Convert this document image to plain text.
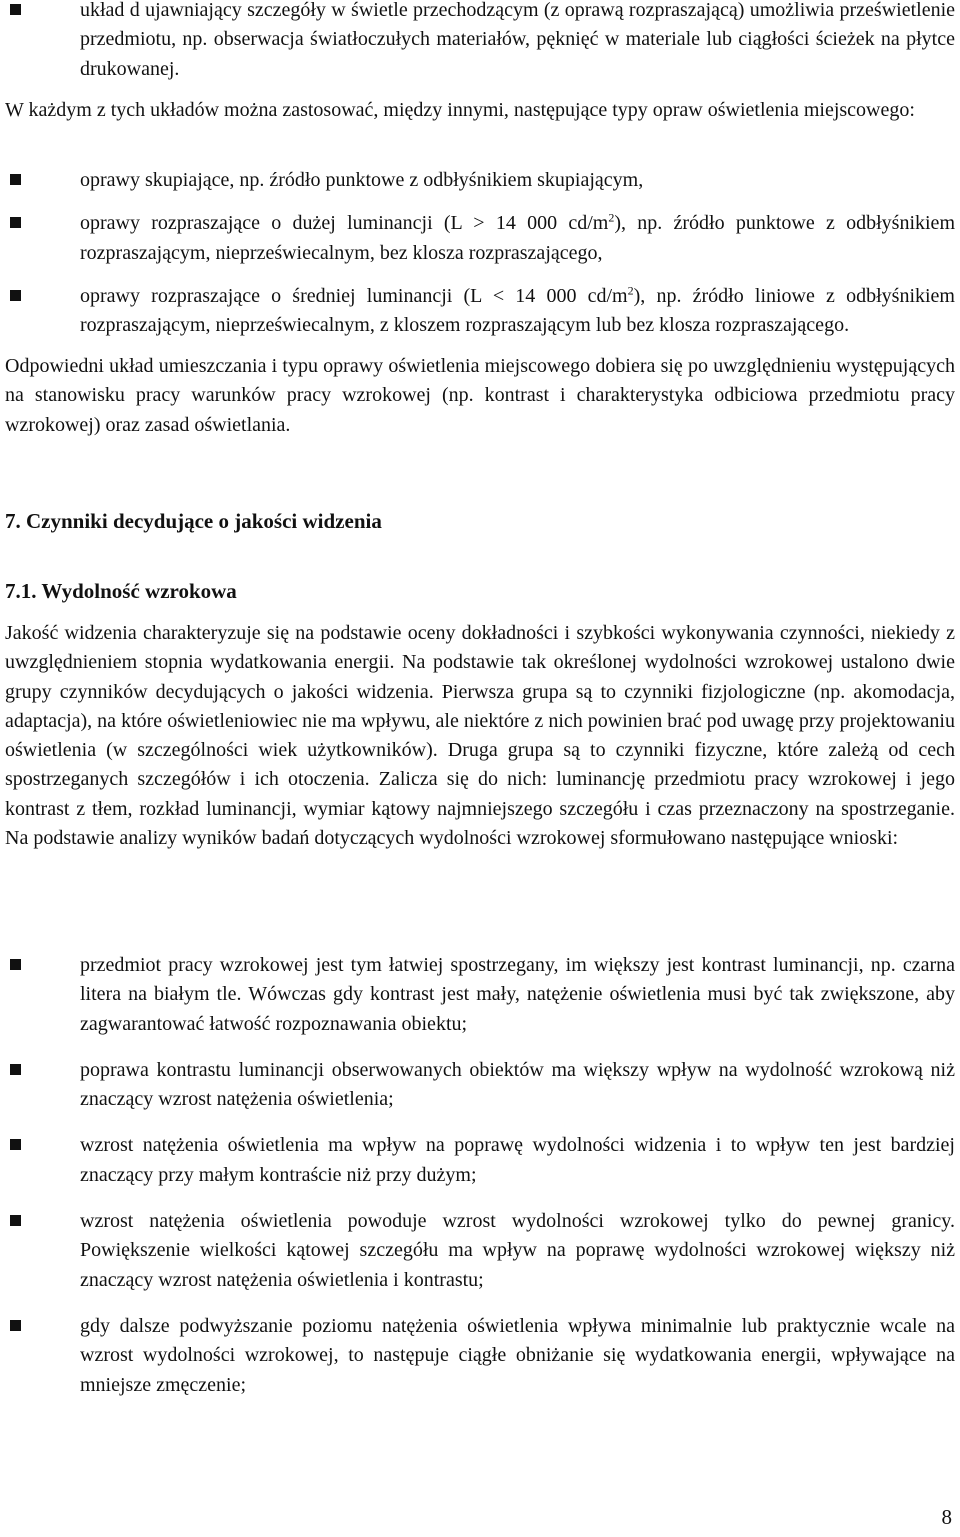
układ d ujawniający szczegóły w świetle przechodzącym (z oprawą rozpraszającą) umożliwia prześwietlenie przedmiotu, np. obserwacja światłoczułych materiałów, pęknięć w materiale lub ciągłości ścieżek na płytce drukowanej.

W każdym z tych układów można zastosować, między innymi, następujące typy opraw oświetlenia miejscowego:

oprawy skupiające, np. źródło punktowe z odbłyśnikiem skupiającym,

oprawy rozpraszające o dużej luminancji (L > 14 000 $cd/m^2$), np. źródło punktowe z odbłyśnikiem rozpraszającym, nieprzeświecalnym, bez klosza rozpraszającego,

oprawy rozpraszające o średniej luminancji (L < 14 000 $cd/m^2$), np. źródło liniowe z odbłyśnikiem rozpraszającym, nieprzeświecalnym, z kloszem rozpraszającym lub bez klosza rozpraszającego.

Odpowiedni układ umieszczania i typu oprawy oświetlenia miejscowego dobiera się po uwzględnieniu występujących na stanowisku pracy warunków pracy wzrokowej (np. kontrast i charakterystyka odbiciowa przedmiotu pracy wzrokowej) oraz zasad oświetlania.

7. Czynniki decydujące o jakości widzenia
7.1. Wydolność wzrokowa

Jakość widzenia charakteryzuje się na podstawie oceny dokładności i szybkości wykonywania czynności, niekiedy z uwzględnieniem stopnia wydatkowania energii. Na podstawie tak określonej wydolności wzrokowej ustalono dwie grupy czynników decydujących o jakości widzenia. Pierwsza grupa są to czynniki fizjologiczne (np. akomodacja, adaptacja), na które oświetleniowiec nie ma wpływu, ale niektóre z nich powinien brać pod uwagę przy projektowaniu oświetlenia (w szczególności wiek użytkowników). Druga grupa są to czynniki fizyczne, które zależą od cech spostrzeganych szczegółów i ich otoczenia. Zalicza się do nich: luminancję przedmiotu pracy wzrokowej i jego kontrast z tłem, rozkład luminancji, wymiar kątowy najmniejszego szczegółu i czas przeznaczony na spostrzeganie. Na podstawie analizy wyników badań dotyczących wydolności wzrokowej sformułowano następujące wnioski:

przedmiot pracy wzrokowej jest tym łatwiej spostrzegany, im większy jest kontrast luminancji, np. czarna litera na białym tle. Wówczas gdy kontrast jest mały, natężenie oświetlenia musi być tak zwiększone, aby zagwarantować łatwość rozpoznawania obiektu;

poprawa kontrastu luminancji obserwowanych obiektów ma większy wpływ na wydolność wzrokową niż znaczący wzrost natężenia oświetlenia;

wzrost natężenia oświetlenia ma wpływ na poprawę wydolności widzenia i to wpływ ten jest bardziej znaczący przy małym kontraście niż przy dużym;

wzrost natężenia oświetlenia powoduje wzrost wydolności wzrokowej tylko do pewnej granicy. Powiększenie wielkości kątowej szczegółu ma wpływ na poprawę wydolności wzrokowej większy niż znaczący wzrost natężenia oświetlenia i kontrastu;

gdy dalsze podwyższanie poziomu natężenia oświetlenia wpływa minimalnie lub praktycznie wcale na wzrost wydolności wzrokowej, to następuje ciągłe obniżanie się wydatkowania energii, wpływające na mniejsze zmęczenie;

8
